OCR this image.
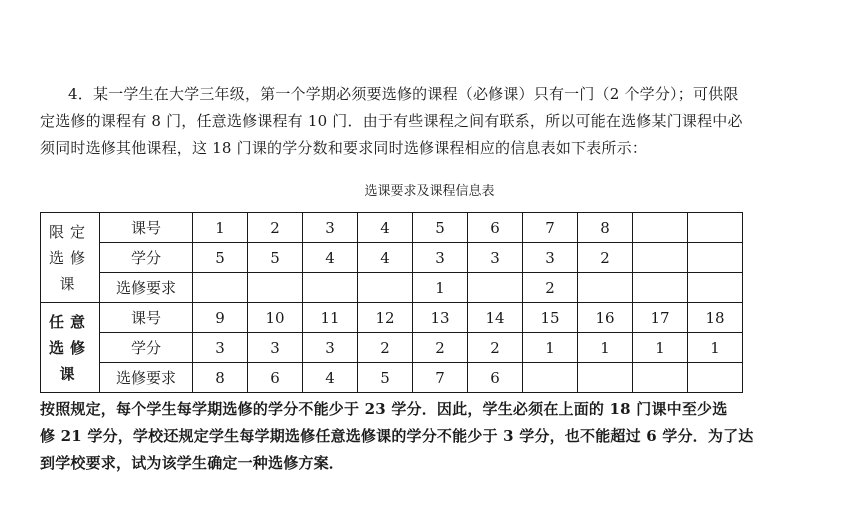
4．某一学生在大学三年级，第一个学期必须要选修的课程（必修课）只有一门（2 个学分）；可供限
定选修的课程有 8 门，任意选修课程有 10 门．由于有些课程之间有联系，所以可能在选修某门课程中必
须同时选修其他课程，这 18 门课的学分数和要求同时选修课程相应的信息表如下表所示：
选课要求及课程信息表
限定
选修
课	课号	1	2	3	4	5	6	7	8		
	学分	5	5	4	4	3	3	3	2		
	选修要求					1		2			

任意
选修
课	课号	9	10	11	12	13	14	15	16	17	18
	学分	3	3	3	2	2	2	1	1	1	1
	选修要求	8	6	4	5	7	6				
按照规定，每个学生每学期选修的学分不能少于 23 学分．因此，学生必须在上面的 18 门课中至少选
修 21 学分，学校还规定学生每学期选修任意选修课的学分不能少于 3 学分，也不能超过 6 学分．为了达
到学校要求，试为该学生确定一种选修方案．
